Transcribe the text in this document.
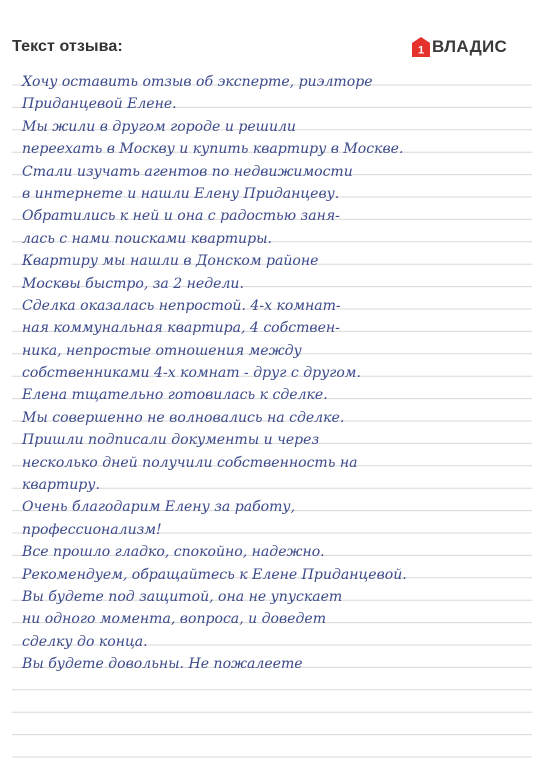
Текст отзыва:	1 ВЛАДИС
Хочу оставить отзыв об эксперте, риэлторе
Приданцевой Елене.
Мы жили в другом городе и решили
переехать в Москву и купить квартиру в Москве.
Стали изучать агентов по недвижимости
в интернете и нашли Елену Приданцеву.
Обратились к ней и она с радостью заня-
лась с нами поисками квартиры.
Квартиру мы нашли в Донском районе
Москвы быстро, за 2 недели.
Сделка оказалась непростой. 4-х комнат-
ная коммунальная квартира, 4 собствен-
ника, непростые отношения между
собственниками 4-х комнат - друг с другом.
Елена тщательно готовилась к сделке.
Мы совершенно не волновались на сделке.
Пришли подписали документы и через
несколько дней получили собственность на
квартиру.
Очень благодарим Елену за работу,
профессионализм!
Все прошло гладко, спокойно, надежно.
Рекомендуем, обращайтесь к Елене Приданцевой.
Вы будете под защитой, она не упускает
ни одного момента, вопроса, и доведет
сделку до конца.
Вы будете довольны. Не пожалеете
